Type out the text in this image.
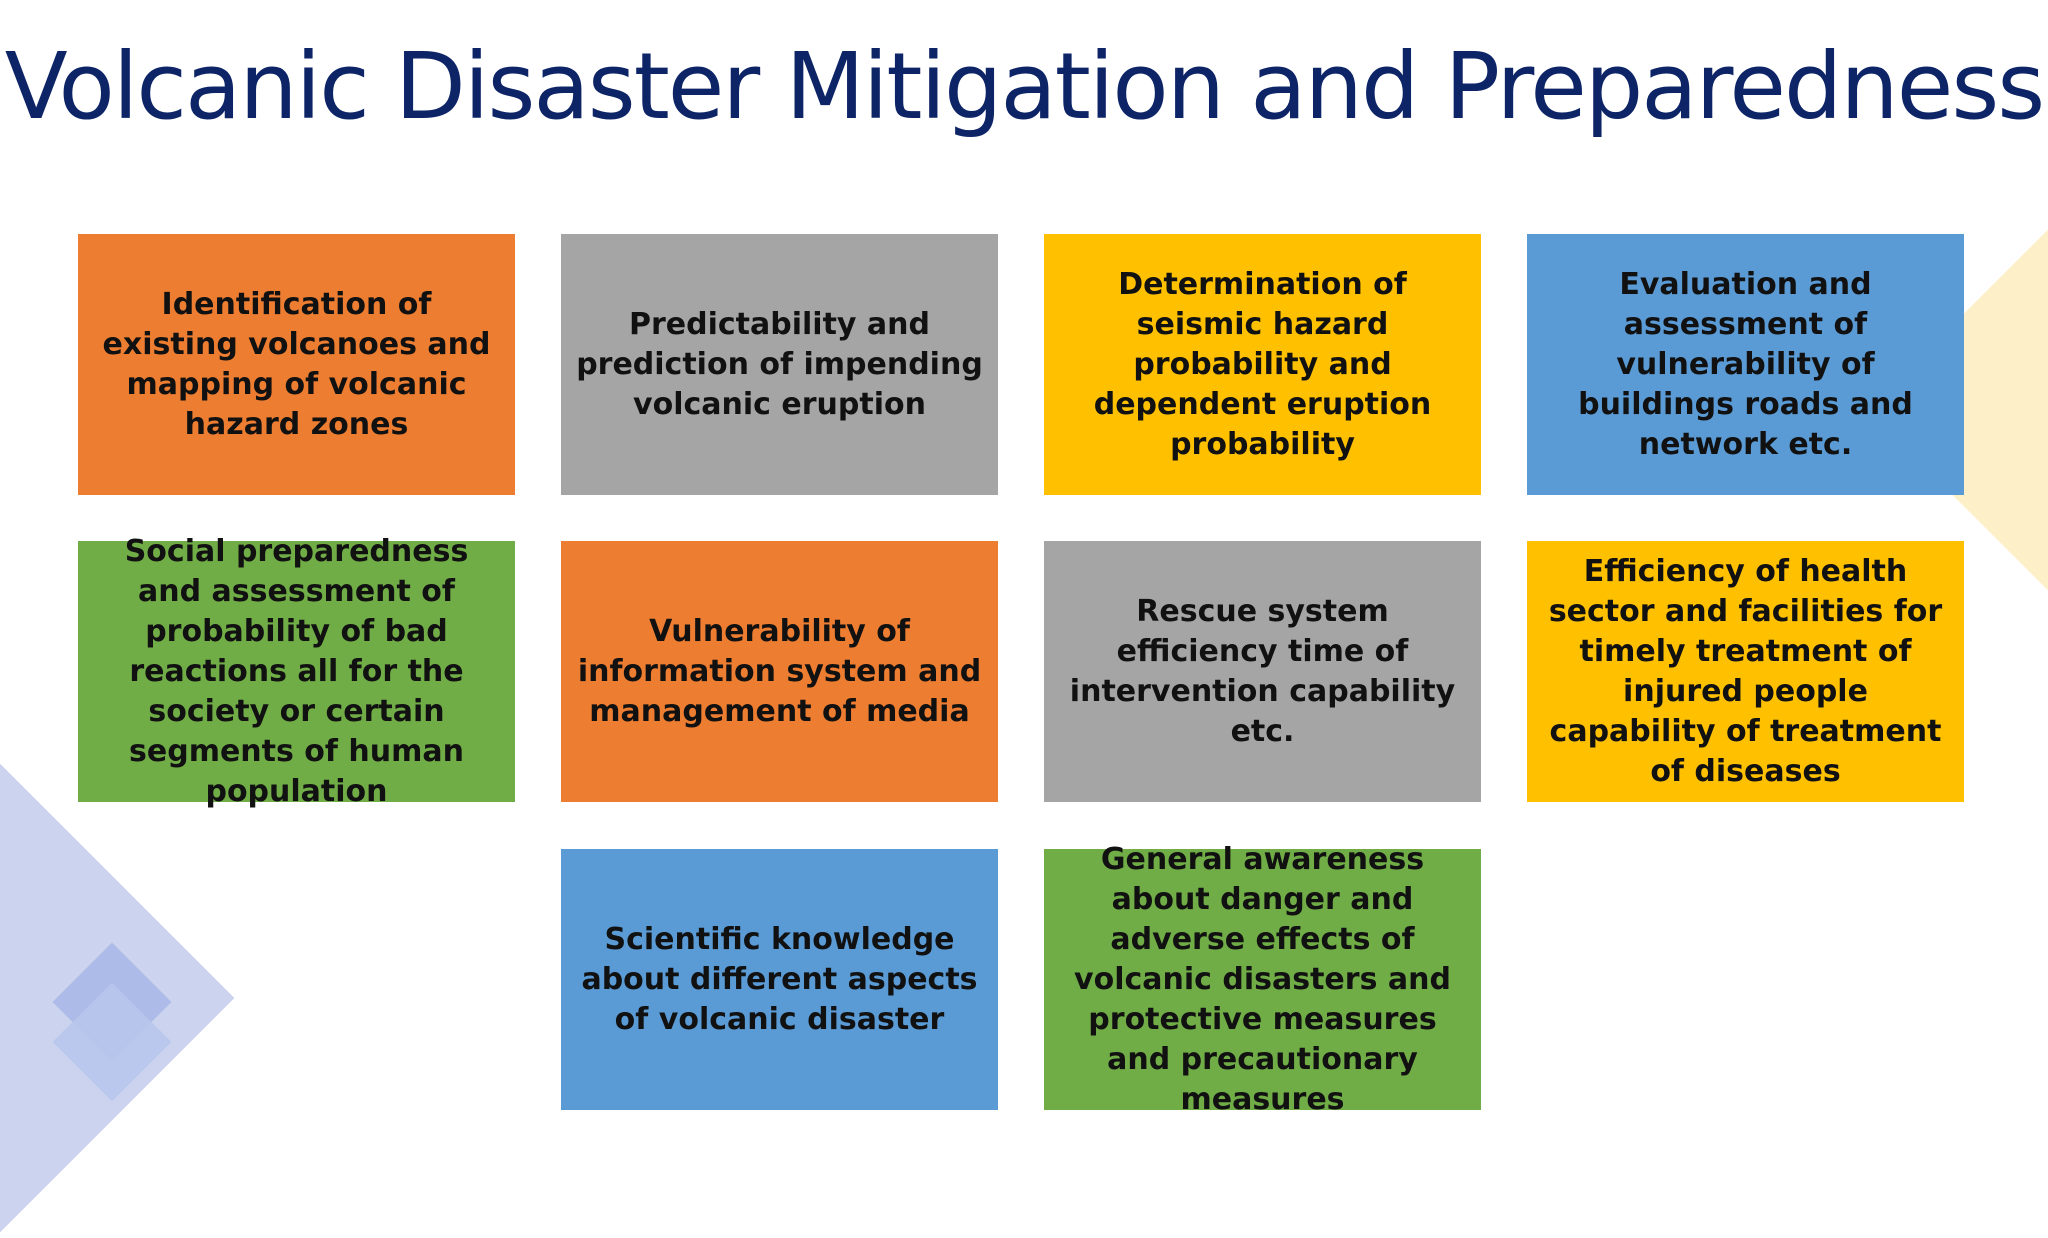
Volcanic Disaster Mitigation and Preparedness
Identification of existing volcanoes and mapping of volcanic hazard zones
Predictability and prediction of impending volcanic eruption
Determination of seismic hazard probability and dependent eruption probability
Evaluation and assessment of vulnerability of buildings roads and network etc.
Social preparedness and assessment of probability of bad reactions all for the society or certain segments of human population
Vulnerability of information system and management of media
Rescue system efficiency time of intervention capability etc.
Efficiency of health sector and facilities for timely treatment of injured people capability of treatment of diseases
Scientific knowledge about different aspects of volcanic disaster
General awareness about danger and adverse effects of volcanic disasters and protective measures and precautionary measures
